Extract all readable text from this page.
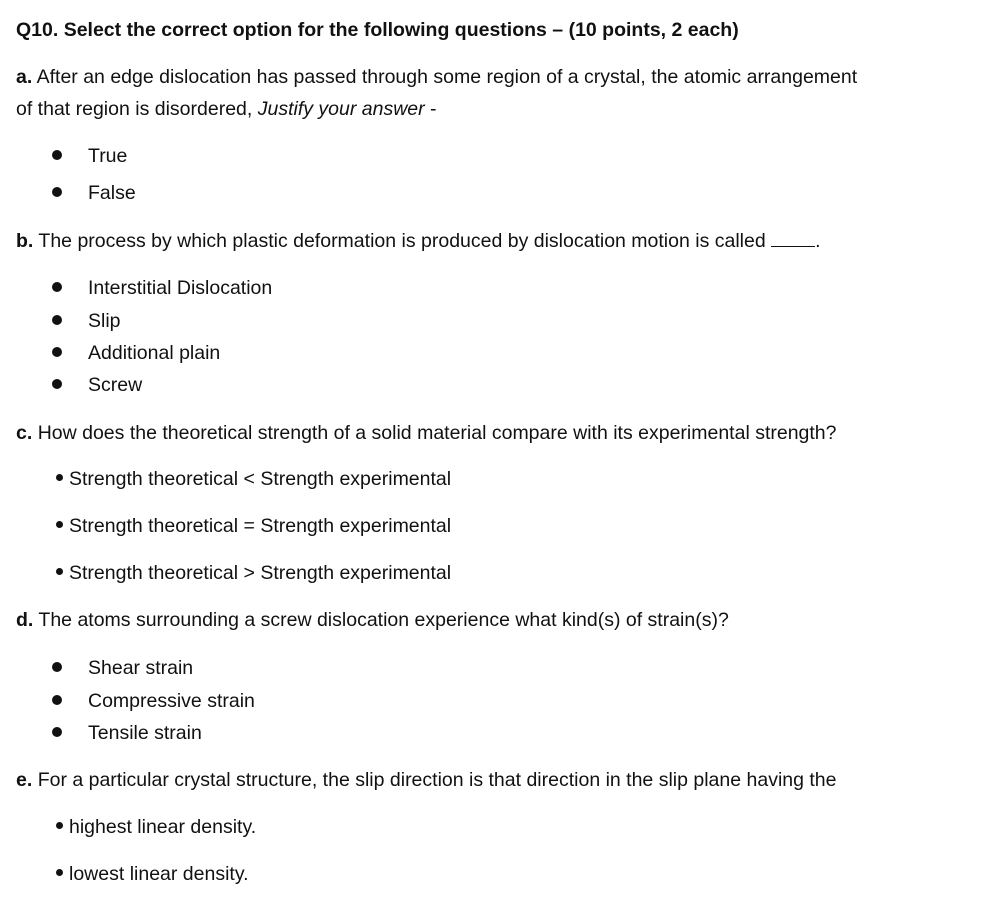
Q10. Select the correct option for the following questions – (10 points, 2 each)
a. After an edge dislocation has passed through some region of a crystal, the atomic arrangement
of that region is disordered, Justify your answer -
True
False
b. The process by which plastic deformation is produced by dislocation motion is called	.
Interstitial Dislocation
Slip
Additional plain
Screw
c. How does the theoretical strength of a solid material compare with its experimental strength?
Strength theoretical < Strength experimental
Strength theoretical = Strength experimental
Strength theoretical > Strength experimental
d. The atoms surrounding a screw dislocation experience what kind(s) of strain(s)?
Shear strain
Compressive strain
Tensile strain
e. For a particular crystal structure, the slip direction is that direction in the slip plane having the
highest linear density.
lowest linear density.
